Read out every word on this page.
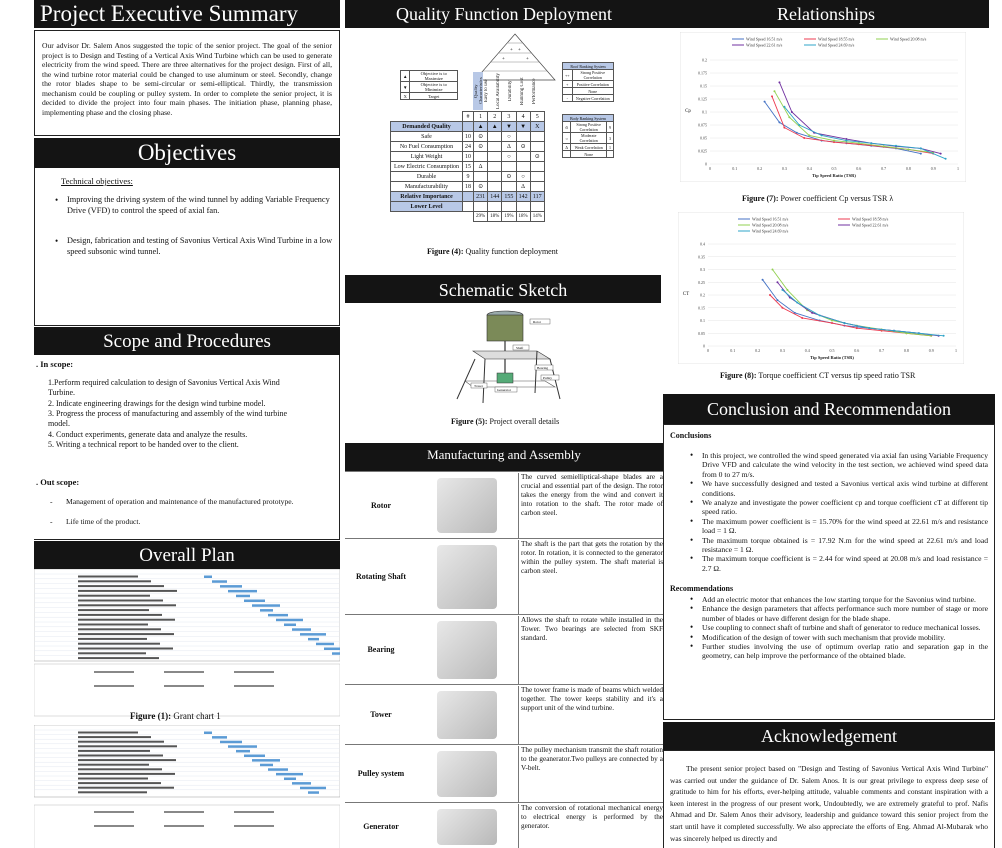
Project Executive Summary

Our advisor Dr. Salem Anos suggested the topic of the senior project. The goal of the senior project is to Design and Testing of a Vertical Axis Wind Turbine which can be used to generate electricity from the wind speed. There are three alternatives for the project design. First of all, the wind turbine rotor material could be changed to use aluminum or steel. Secondly, change the rotor blades shape to be semi-circular or semi-elliptical. Thirdly, the transmission mechanism could be coupling or pulley system. In order to complete the senior project, it is decided to divide the project into four main phases. The initiation phase, planning phase, implementing phase and the closing phase.

Objectives
Technical objectives:
• Improving the driving system of the wind tunnel by adding Variable Frequency Drive (VFD) to control the speed of axial fan.
• Design, fabrication and testing of Savonius Vertical Axis Wind Turbine in a low speed subsonic wind tunnel.
Scope and Procedures
. In scope:
1.Perform required calculation to design of Savonius Vertical Axis Wind Turbine.
2. Indicate engineering drawings for the design wind turbine model.
3. Progress the process of manufacturing and assembly of the wind turbine model.
4. Conduct experiments, generate data and analyze the results.
5. Writing a technical report to be handed over to the client.
. Out scope:
- Management of operation and maintenance of the manufactured prototype.
- Life time of the product.
Overall Plan
Figure (1): Grant chart 1
Quality Function Deployment
+ +
+	+
▲	Objective is to Maximize
▼	Objective is to Minimize
X	Target	Quality Characteristics Easy to use	Local Availability	Durability	Running Cost	Performance
	#	1	2	3	4	5
Demanded Quality		▲	▲	▼	▼	X
Safe	10	⊙		○		
No Fuel Consumption	24	⊙		Δ	⊙	
Light Weight	10			○		⊙
Low Electric Consumption	15	Δ				
Durable	9			⊙	○	
Manufacturability	18	⊙			Δ	
Relative Importance		231	144	155	142	117
Lower Level						
		29%	18%	19%	18%	14%
Roof Ranking System	
++	Strong Positive Correlation
+	Positive Correlation
	None
-	Negative Correlation
Body Ranking System		
⊙	Strong Positive Correlation	9
○	Moderate Correlation	3
Δ	Weak Correlation	1
	None	
Figure (4): Quality function deployment
Schematic Sketch
Rotor
Shaft
Bearing
Tower
Pulley
Generator
Figure (5): Project overall details
Manufacturing and Assembly
Rotor
The curved semielliptical-shape blades are a crucial and essential part of the design. The rotor takes the energy from the wind and convert it into rotation to the shaft. The rotor made of carbon steel.
Rotating Shaft
The shaft is the part that gets the rotation by the rotor. In rotation, it is connected to the generator within the pulley system. The shaft material is carbon steel.
Bearing
Allows the shaft to rotate while installed in the Tower. Two bearings are selected from SKF standard.
Tower
The tower frame is made of beams which welded together. The tower keeps stability and it's a support unit of the wind turbine.
Pulley system
The pulley mechanism transmit the shaft rotation to the geanerator.Two pulleys are connected by a V-belt.
Generator
The conversion of rotational mechanical energy to electrical energy is performed by the generator.
Relationships
0
0.025
0.05
0.075
0.1
0.125
0.15
0.175
0.2
0	0.1	0.2	0.3	0.4	0.5	0.6	0.7	0.8	0.9	1
Tip Speed Ratio (TSR)
Cp
Wind Speed 16.51 m/s	Wind Speed 18.55 m/s	Wind Speed 20.08 m/s
Wind Speed 22.61 m/s	Wind Speed 24.69 m/s
Figure (7): Power coefficient Cp versus TSR λ
0
0.05
0.1
0.15
0.2
0.25
0.3
0.35
0.4
0	0.1	0.2	0.3	0.4	0.5	0.6	0.7	0.8	0.9	1
Tip Speed Ratio (TSR)
CT
Wind Speed 16.51 m/s	Wind Speed 18.58 m/s
Wind Speed 20.08 m/s	Wind Speed 22.61 m/s
Wind Speed 24.69 m/s
Figure (8): Torque coefficient CT versus tip speed ratio TSR
Conclusion and Recommendation
Conclusions
• In this project, we controlled the wind speed generated via axial fan using Variable Frequency Drive VFD and calculate the wind velocity in the test section, we achieved wind speed data from 0 to 27 m/s.
• We have successfully designed and tested a Savonius vertical axis wind turbine at different conditions.
• We analyze and investigate the power coefficient cp and torque coefficient cT at different tip speed ratio.
• The maximum power coefficient is = 15.70% for the wind speed at 22.61 m/s and resistance load = 1 Ω.
• The maximum torque obtained is = 17.92 N.m for the wind speed at 22.61 m/s and load resistance = 1 Ω.
• The maximum torque coefficient is = 2.44 for wind speed at 20.08 m/s and load resistance = 2.7 Ω.
Recommendations
• Add an electric motor that enhances the low starting torque for the Savonius wind turbine.
• Enhance the design parameters that affects performance such more number of stage or more number of blades or have different design for the blade shape.
• Use coupling to connect shaft of turbine and shaft of generator to reduce mechanical losses.
• Modification of the design of tower with such mechanism that provide mobility.
• Further studies involving the use of optimum overlap ratio and separation gap in the geometry, can help improve the performance of the obtained blade.
Acknowledgement

The present senior project based on "Design and Testing of Savonius Vertical Axis Wind Turbine" was carried out under the guidance of Dr. Salem Anos. It is our great privilege to express deep sese of gratitude to him for his efforts, ever-helping attitude, valuable comments and constant inspiration with a keen interest in the progress of our present work, Undoubtedly, we are extremely grateful to prof. Nafis Ahmad and Dr. Salem Anos their advisory, leadership and guidance toward this senior project from the start until have it completed successfully. We also appreciate the efforts of Eng. Ahmad Al-Mubarak who was sincerely helped us directly and
